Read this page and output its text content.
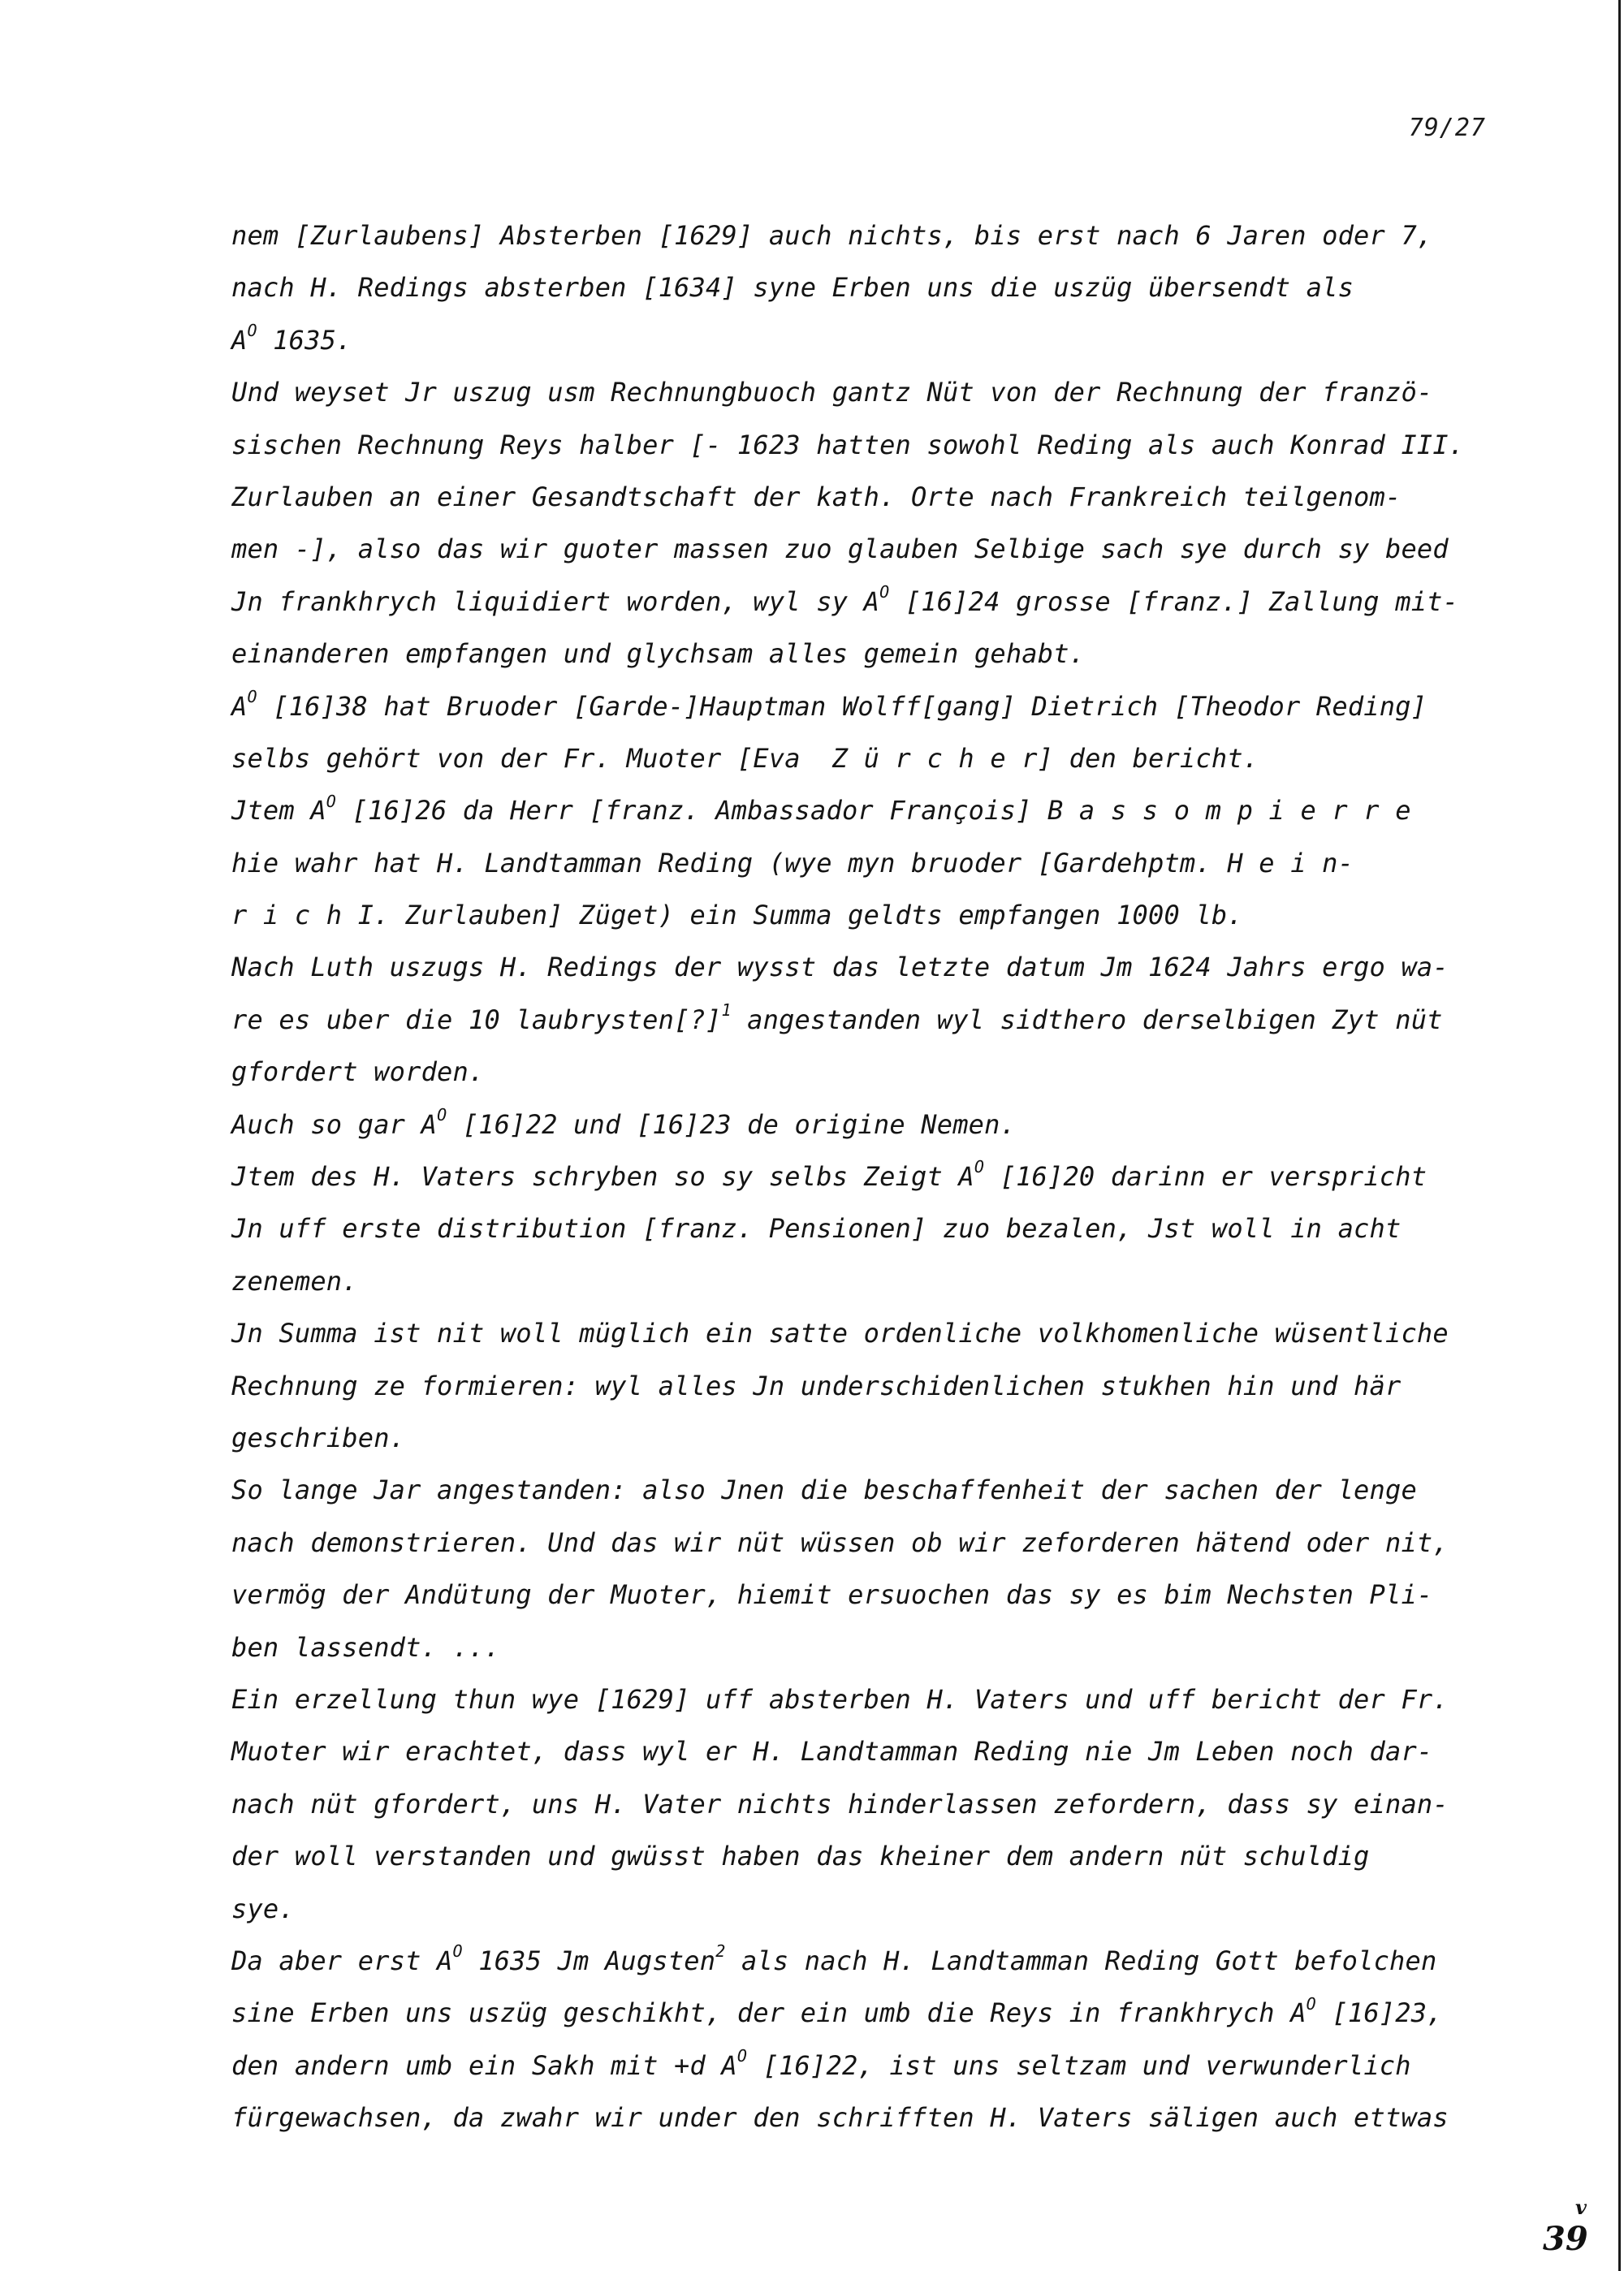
79/27
nem [Zurlaubens] Absterben [1629] auch nichts, bis erst nach 6 Jaren oder 7,
nach H. Redings absterben [1634] syne Erben uns die uszüg übersendt als
$A^O$ 1635.
Und weyset Jr uszug usm Rechnungbuoch gantz Nüt von der Rechnung der franzö-
sischen Rechnung Reys halber [- 1623 hatten sowohl Reding als auch Konrad III.
Zurlauben an einer Gesandtschaft der kath. Orte nach Frankreich teilgenom-
men -], also das wir guoter massen zuo glauben Selbige sach sye durch sy beed
Jn frankhrych liquidiert worden, wyl sy $A^O$ [16]24 grosse [franz.] Zallung mit-
einanderen empfangen und glychsam alles gemein gehabt.
$A^O$ [16]38 hat Bruoder [Garde-]Hauptman Wolff[gang] Dietrich [Theodor Reding]
selbs gehört von der Fr. Muoter [Eva  Z ü r c h e r] den bericht.
Jtem $A^O$ [16]26 da Herr [franz. Ambassador François] B a s s o m p i e r r e
hie wahr hat H. Landtamman Reding (wye myn bruoder [Gardehptm. H e i n-
r i c h I. Zurlauben] Züget) ein Summa geldts empfangen 1000 lb.
Nach Luth uszugs H. Redings der wysst das letzte datum Jm 1624 Jahrs ergo wa-
re es uber die 10 laubrysten[?]$^1$ angestanden wyl sidthero derselbigen Zyt nüt
gfordert worden.
Auch so gar $A^O$ [16]22 und [16]23 de origine Nemen.
Jtem des H. Vaters schryben so sy selbs Zeigt $A^O$ [16]20 darinn er verspricht
Jn uff erste distribution [franz. Pensionen] zuo bezalen, Jst woll in acht
zenemen.
Jn Summa ist nit woll müglich ein satte ordenliche volkhomenliche wüsentliche
Rechnung ze formieren: wyl alles Jn underschidenlichen stukhen hin und här
geschriben.
So lange Jar angestanden: also Jnen die beschaffenheit der sachen der lenge
nach demonstrieren. Und das wir nüt wüssen ob wir zeforderen hätend oder nit,
vermög der Andütung der Muoter, hiemit ersuochen das sy es bim Nechsten Pli-
ben lassendt. ...
Ein erzellung thun wye [1629] uff absterben H. Vaters und uff bericht der Fr.
Muoter wir erachtet, dass wyl er H. Landtamman Reding nie Jm Leben noch dar-
nach nüt gfordert, uns H. Vater nichts hinderlassen zefordern, dass sy einan-
der woll verstanden und gwüsst haben das kheiner dem andern nüt schuldig
sye.
Da aber erst $A^O$ 1635 Jm Augsten$^2$ als nach H. Landtamman Reding Gott befolchen
sine Erben uns uszüg geschikht, der ein umb die Reys in frankhrych $A^O$ [16]23,
den andern umb ein Sakh mit +d $A^O$ [16]22, ist uns seltzam und verwunderlich
fürgewachsen, da zwahr wir under den schrifften H. Vaters säligen auch ettwas
v
39
